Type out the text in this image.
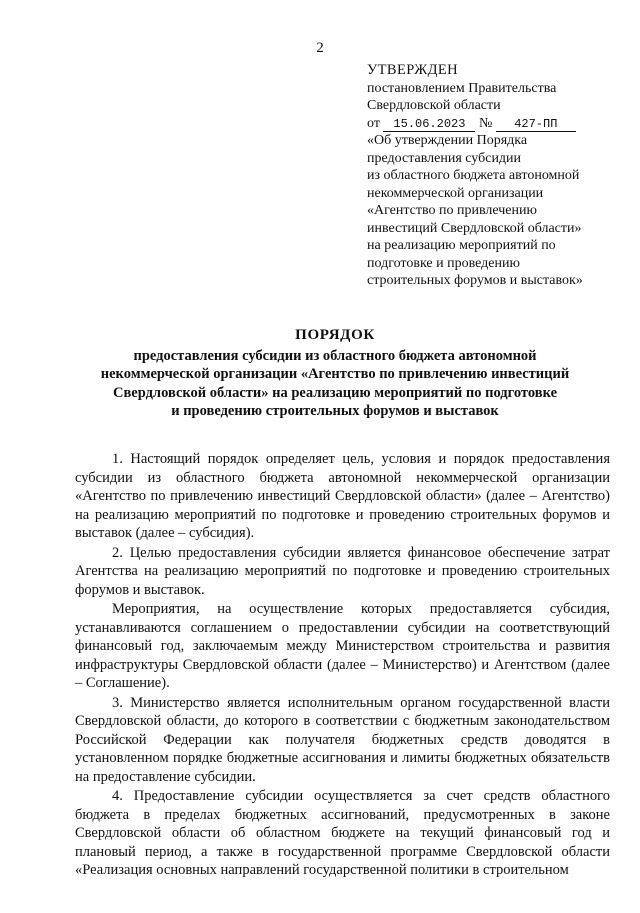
2
УТВЕРЖДЕН
постановлением Правительства
Свердловской области
от 15.06.2023 № 427-ПП
«Об утверждении Порядка
предоставления субсидии
из областного бюджета автономной
некоммерческой организации
«Агентство по привлечению
инвестиций Свердловской области»
на реализацию мероприятий по
подготовке и проведению
строительных форумов и выставок»
ПОРЯДОК
предоставления субсидии из областного бюджета автономной
некоммерческой организации «Агентство по привлечению инвестиций
Свердловской области» на реализацию мероприятий по подготовке
и проведению строительных форумов и выставок

1. Настоящий порядок определяет цель, условия и порядок предоставления субсидии из областного бюджета автономной некоммерческой организации «Агентство по привлечению инвестиций Свердловской области» (далее – Агентство) на реализацию мероприятий по подготовке и проведению строительных форумов и выставок (далее – субсидия).

2. Целью предоставления субсидии является финансовое обеспечение затрат Агентства на реализацию мероприятий по подготовке и проведению строительных форумов и выставок.

Мероприятия, на осуществление которых предоставляется субсидия, устанавливаются соглашением о предоставлении субсидии на соответствующий финансовый год, заключаемым между Министерством строительства и развития инфраструктуры Свердловской области (далее – Министерство) и Агентством (далее – Соглашение).

3. Министерство является исполнительным органом государственной власти Свердловской области, до которого в соответствии с бюджетным законодательством Российской Федерации как получателя бюджетных средств доводятся в установленном порядке бюджетные ассигнования и лимиты бюджетных обязательств на предоставление субсидии.

4. Предоставление субсидии осуществляется за счет средств областного бюджета в пределах бюджетных ассигнований, предусмотренных в законе Свердловской области об областном бюджете на текущий финансовый год и плановый период, а также в государственной программе Свердловской области «Реализация основных направлений государственной политики в строительном
